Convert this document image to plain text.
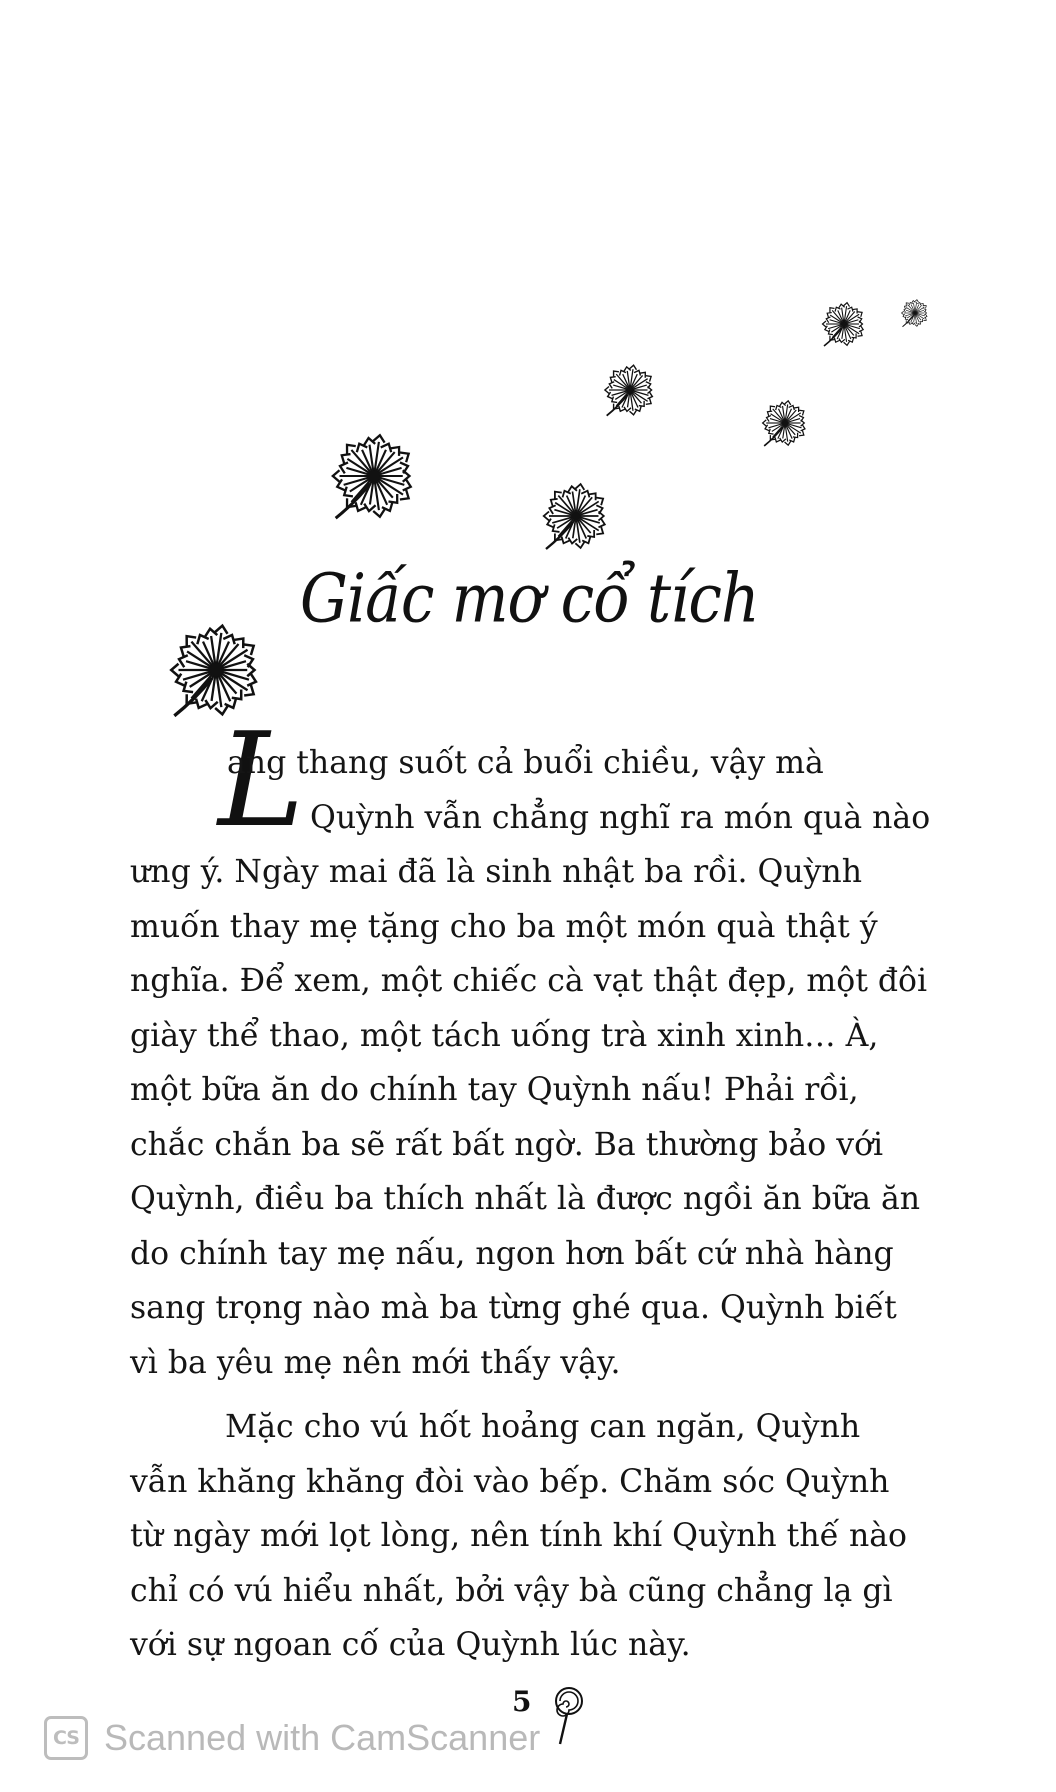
Giấc mơ cổ tích
L
ang thang suốt cả buổi chiều, vậy mà
Quỳnh vẫn chẳng nghĩ ra món quà nào
ưng ý. Ngày mai đã là sinh nhật ba rồi. Quỳnh
muốn thay mẹ tặng cho ba một món quà thật ý
nghĩa. Để xem, một chiếc cà vạt thật đẹp, một đôi
giày thể thao, một tách uống trà xinh xinh… À,
một bữa ăn do chính tay Quỳnh nấu! Phải rồi,
chắc chắn ba sẽ rất bất ngờ. Ba thường bảo với
Quỳnh, điều ba thích nhất là được ngồi ăn bữa ăn
do chính tay mẹ nấu, ngon hơn bất cứ nhà hàng
sang trọng nào mà ba từng ghé qua. Quỳnh biết
vì ba yêu mẹ nên mới thấy vậy.
Mặc cho vú hốt hoảng can ngăn, Quỳnh
vẫn khăng khăng đòi vào bếp. Chăm sóc Quỳnh
từ ngày mới lọt lòng, nên tính khí Quỳnh thế nào
chỉ có vú hiểu nhất, bởi vậy bà cũng chẳng lạ gì
với sự ngoan cố của Quỳnh lúc này.
5
CS Scanned with CamScanner
